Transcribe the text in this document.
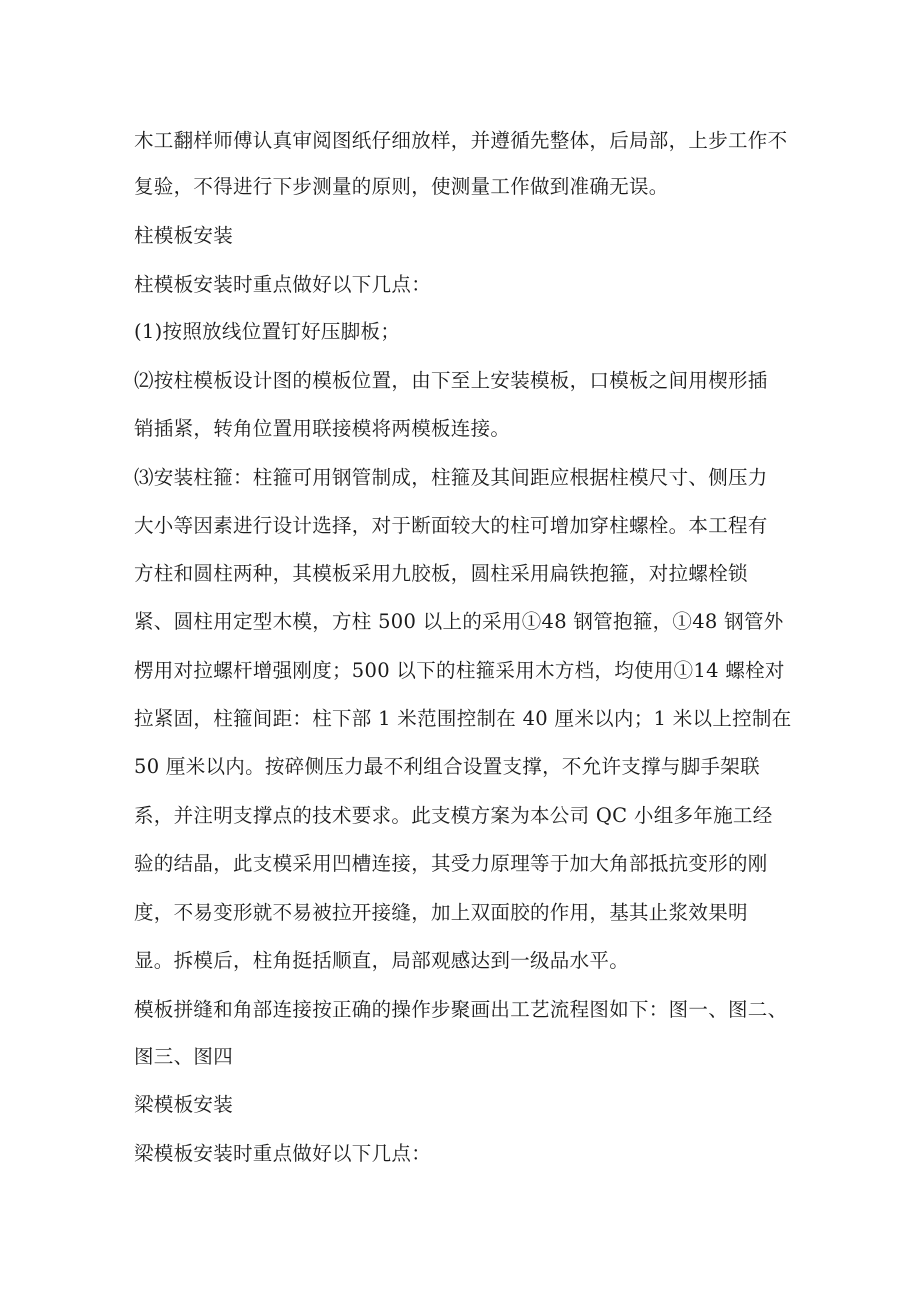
木工翻样师傅认真审阅图纸仔细放样，并遵循先整体，后局部，上步工作不
复验，不得进行下步测量的原则，使测量工作做到准确无误。
柱模板安装
柱模板安装时重点做好以下几点：
(1)按照放线位置钉好压脚板；
⑵按柱模板设计图的模板位置，由下至上安装模板，口模板之间用楔形插
销插紧，转角位置用联接模将两模板连接。
⑶安装柱箍：柱箍可用钢管制成，柱箍及其间距应根据柱模尺寸、侧压力
大小等因素进行设计选择，对于断面较大的柱可增加穿柱螺栓。本工程有
方柱和圆柱两种，其模板采用九胶板，圆柱采用扁铁抱箍，对拉螺栓锁
紧、圆柱用定型木模，方柱 500 以上的采用①48 钢管抱箍，①48 钢管外
楞用对拉螺杆增强刚度；500 以下的柱箍采用木方档，均使用①14 螺栓对
拉紧固，柱箍间距：柱下部 1 米范围控制在 40 厘米以内；1 米以上控制在
50 厘米以内。按碎侧压力最不利组合设置支撑，不允许支撑与脚手架联
系，并注明支撑点的技术要求。此支模方案为本公司 QC 小组多年施工经
验的结晶，此支模采用凹槽连接，其受力原理等于加大角部抵抗变形的刚
度，不易变形就不易被拉开接缝，加上双面胶的作用，基其止浆效果明
显。拆模后，柱角挺括顺直，局部观感达到一级品水平。
模板拼缝和角部连接按正确的操作步聚画出工艺流程图如下：图一、图二、
图三、图四
梁模板安装
梁模板安装时重点做好以下几点：
